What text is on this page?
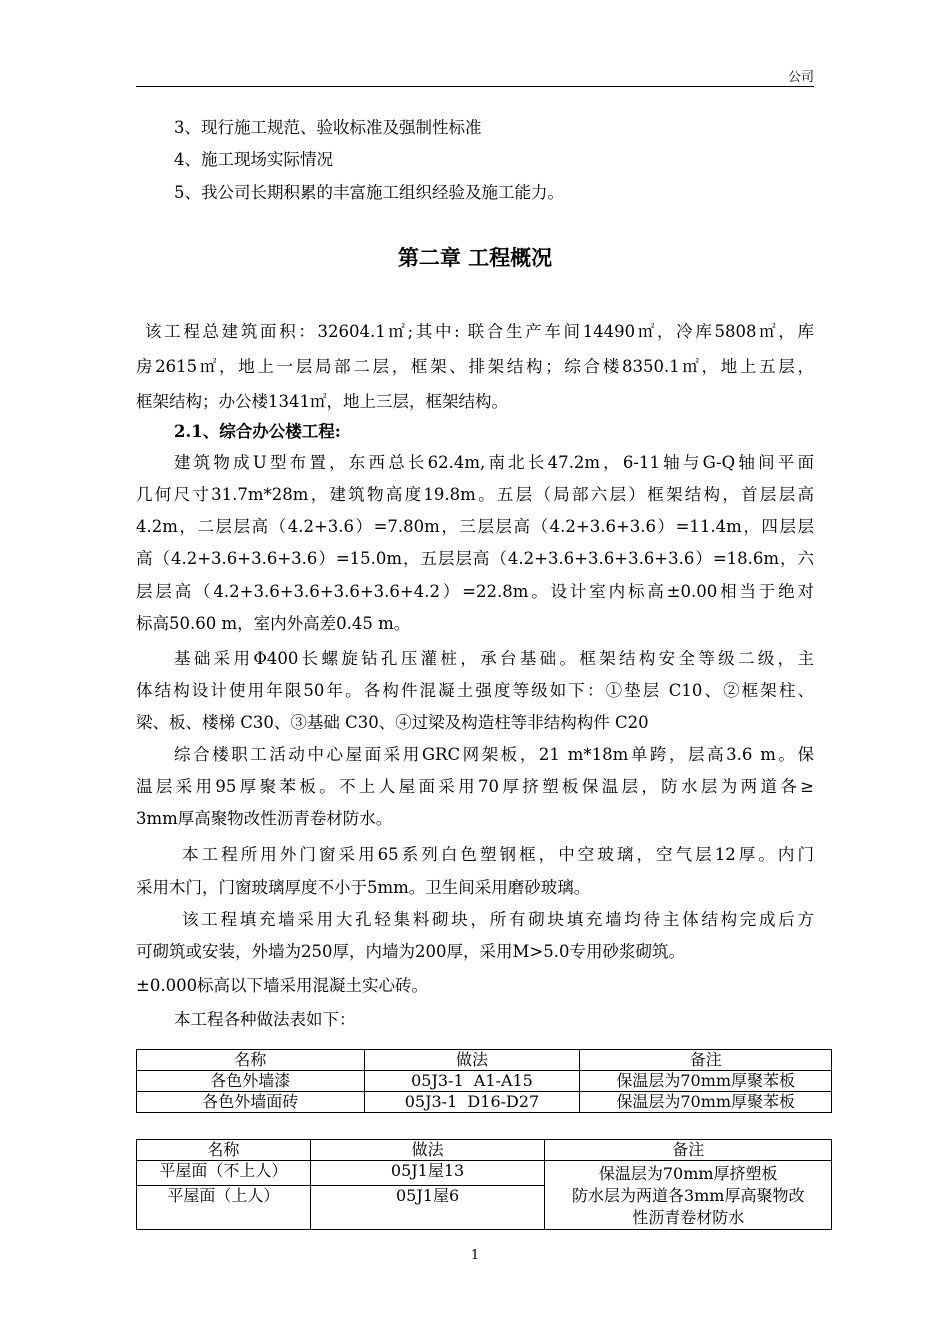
公司
3、现行施工规范、验收标准及强制性标准
4、施工现场实际情况
5、我公司长期积累的丰富施工组织经验及施工能力。
第二章 工程概况
该工程总建筑面积：32604.1㎡;其中: 联合生产车间14490㎡，冷库5808㎡，库
房2615㎡，地上一层局部二层，框架、排架结构；综合楼8350.1㎡，地上五层，
框架结构；办公楼1341㎡，地上三层，框架结构。
2.1、综合办公楼工程:
建筑物成U型布置，东西总长62.4m,南北长47.2m，6-11轴与G-Q轴间平面
几何尺寸31.7m*28m，建筑物高度19.8m。五层（局部六层）框架结构，首层层高
4.2m，二层层高（4.2+3.6）=7.80m，三层层高（4.2+3.6+3.6）=11.4m，四层层
高（4.2+3.6+3.6+3.6）=15.0m，五层层高（4.2+3.6+3.6+3.6+3.6）=18.6m，六
层层高（4.2+3.6+3.6+3.6+3.6+4.2）=22.8m。设计室内标高±0.00相当于绝对
标高50.60 m，室内外高差0.45 m。
基础采用Φ400长螺旋钻孔压灌桩，承台基础。框架结构安全等级二级，主
体结构设计使用年限50年。各构件混凝土强度等级如下：①垫层 C10、②框架柱、
梁、板、楼梯 C30、③基础 C30、④过梁及构造柱等非结构构件 C20
综合楼职工活动中心屋面采用GRC网架板，21 m*18m单跨，层高3.6 m。保
温层采用95厚聚苯板。不上人屋面采用70厚挤塑板保温层，防水层为两道各≥
3mm厚高聚物改性沥青卷材防水。
本工程所用外门窗采用65系列白色塑钢框，中空玻璃，空气层12厚。内门
采用木门，门窗玻璃厚度不小于5mm。卫生间采用磨砂玻璃。
该工程填充墙采用大孔轻集料砌块，所有砌块填充墙均待主体结构完成后方
可砌筑或安装，外墙为250厚，内墙为200厚，采用M>5.0专用砂浆砌筑。
±0.000标高以下墙采用混凝土实心砖。
本工程各种做法表如下：
名称	做法	备注
各色外墙漆	05J3-1  A1-A15	保温层为70mm厚聚苯板
各色外墙面砖	05J3-1  D16-D27	保温层为70mm厚聚苯板
名称	做法	备注
平屋面（不上人）	05J1屋13	保温层为70mm厚挤塑板
防水层为两道各3mm厚高聚物改
性沥青卷材防水

平屋面（上人）	05J1屋6	
1
